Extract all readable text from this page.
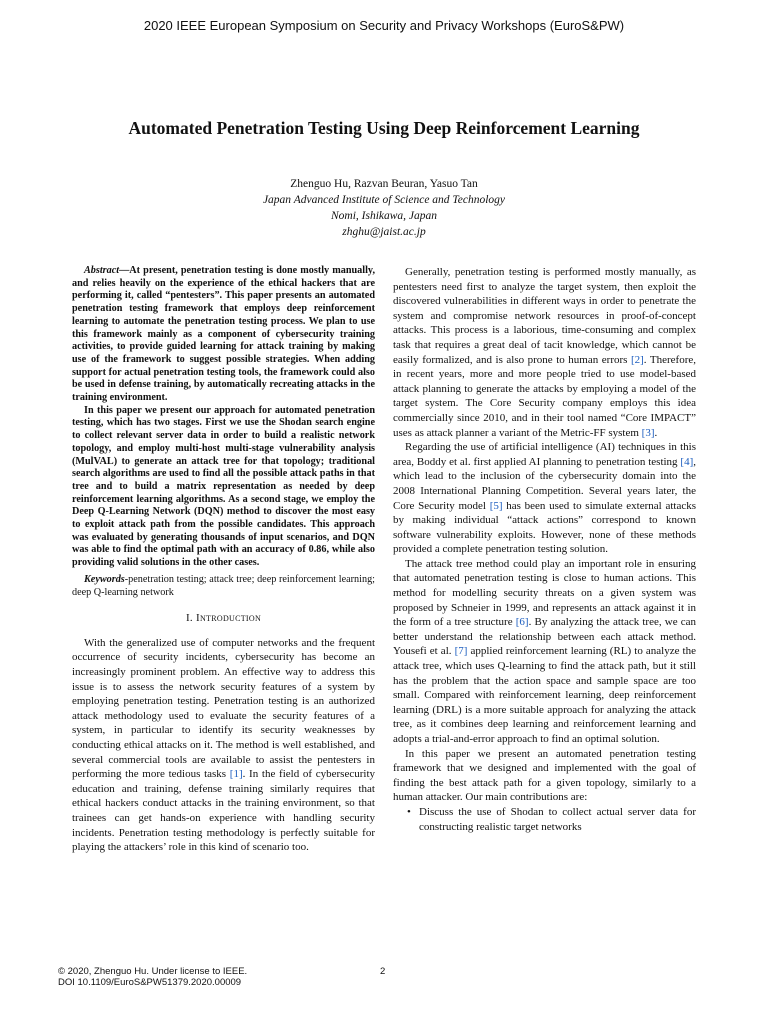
2020 IEEE European Symposium on Security and Privacy Workshops (EuroS&PW)
Automated Penetration Testing Using Deep Reinforcement Learning
Zhenguo Hu, Razvan Beuran, Yasuo Tan
Japan Advanced Institute of Science and Technology
Nomi, Ishikawa, Japan
zhghu@jaist.ac.jp

Abstract—At present, penetration testing is done mostly manually, and relies heavily on the experience of the ethical hackers that are performing it, called “pentesters”. This paper presents an automated penetration testing framework that employs deep reinforcement learning to automate the penetration testing process. We plan to use this framework mainly as a component of cybersecurity training activities, to provide guided learning for attack training by making use of the framework to suggest possible strategies. When adding support for actual penetration testing tools, the framework could also be used in defense training, by automatically recreating attacks in the training environment.

In this paper we present our approach for automated penetration testing, which has two stages. First we use the Shodan search engine to collect relevant server data in order to build a realistic network topology, and employ multi-host multi-stage vulnerability analysis (MulVAL) to generate an attack tree for that topology; traditional search algorithms are used to find all the possible attack paths in that tree and to build a matrix representation as needed by deep reinforcement learning algorithms. As a second stage, we employ the Deep Q-Learning Network (DQN) method to discover the most easy to exploit attack path from the possible candidates. This approach was evaluated by generating thousands of input scenarios, and DQN was able to find the optimal path with an accuracy of 0.86, while also providing valid solutions in the other cases.

Keywords-penetration testing; attack tree; deep reinforcement learning; deep Q-learning network

I. Introduction

With the generalized use of computer networks and the frequent occurrence of security incidents, cybersecurity has become an increasingly prominent problem. An effective way to address this issue is to assess the network security features of a system by employing penetration testing. Penetration testing is an authorized attack methodology used to evaluate the security features of a system, in particular to identify its security weaknesses by conducting ethical attacks on it. The method is well established, and several commercial tools are available to assist the pentesters in performing the more tedious tasks [1]. In the field of cybersecurity education and training, defense training similarly requires that ethical hackers conduct attacks in the training environment, so that trainees can get hands-on experience with handling security incidents. Penetration testing methodology is perfectly suitable for playing the attackers’ role in this kind of scenario too.

Generally, penetration testing is performed mostly manually, as pentesters need first to analyze the target system, then exploit the discovered vulnerabilities in different ways in order to penetrate the system and compromise network resources in proof-of-concept attacks. This process is a laborious, time-consuming and complex task that requires a great deal of tacit knowledge, which cannot be easily formalized, and is also prone to human errors [2]. Therefore, in recent years, more and more people tried to use model-based attack planning to generate the attacks by employing a model of the target system. The Core Security company employs this idea commercially since 2010, and in their tool named “Core IMPACT” uses as attack planner a variant of the Metric-FF system [3].

Regarding the use of artificial intelligence (AI) techniques in this area, Boddy et al. first applied AI planning to penetration testing [4], which lead to the inclusion of the cybersecurity domain into the 2008 International Planning Competition. Several years later, the Core Security model [5] has been used to simulate external attacks by making individual “attack actions” correspond to known software vulnerability exploits. However, none of these methods provided a complete penetration testing solution.

The attack tree method could play an important role in ensuring that automated penetration testing is close to human actions. This method for modelling security threats on a given system was proposed by Schneier in 1999, and represents an attack against it in the form of a tree structure [6]. By analyzing the attack tree, we can better understand the relationship between each attack method. Yousefi et al. [7] applied reinforcement learning (RL) to analyze the attack tree, which uses Q-learning to find the attack path, but it still has the problem that the action space and sample space are too small. Compared with reinforcement learning, deep reinforcement learning (DRL) is a more suitable approach for analyzing the attack tree, as it combines deep learning and reinforcement learning and adopts a trial-and-error approach to find an optimal solution.

In this paper we present an automated penetration testing framework that we designed and implemented with the goal of finding the best attack path for a given topology, similarly to a human attacker. Our main contributions are:

• Discuss the use of Shodan to collect actual server data for constructing realistic target networks
© 2020, Zhenguo Hu. Under license to IEEE.
DOI 10.1109/EuroS&PW51379.2020.00009
2
